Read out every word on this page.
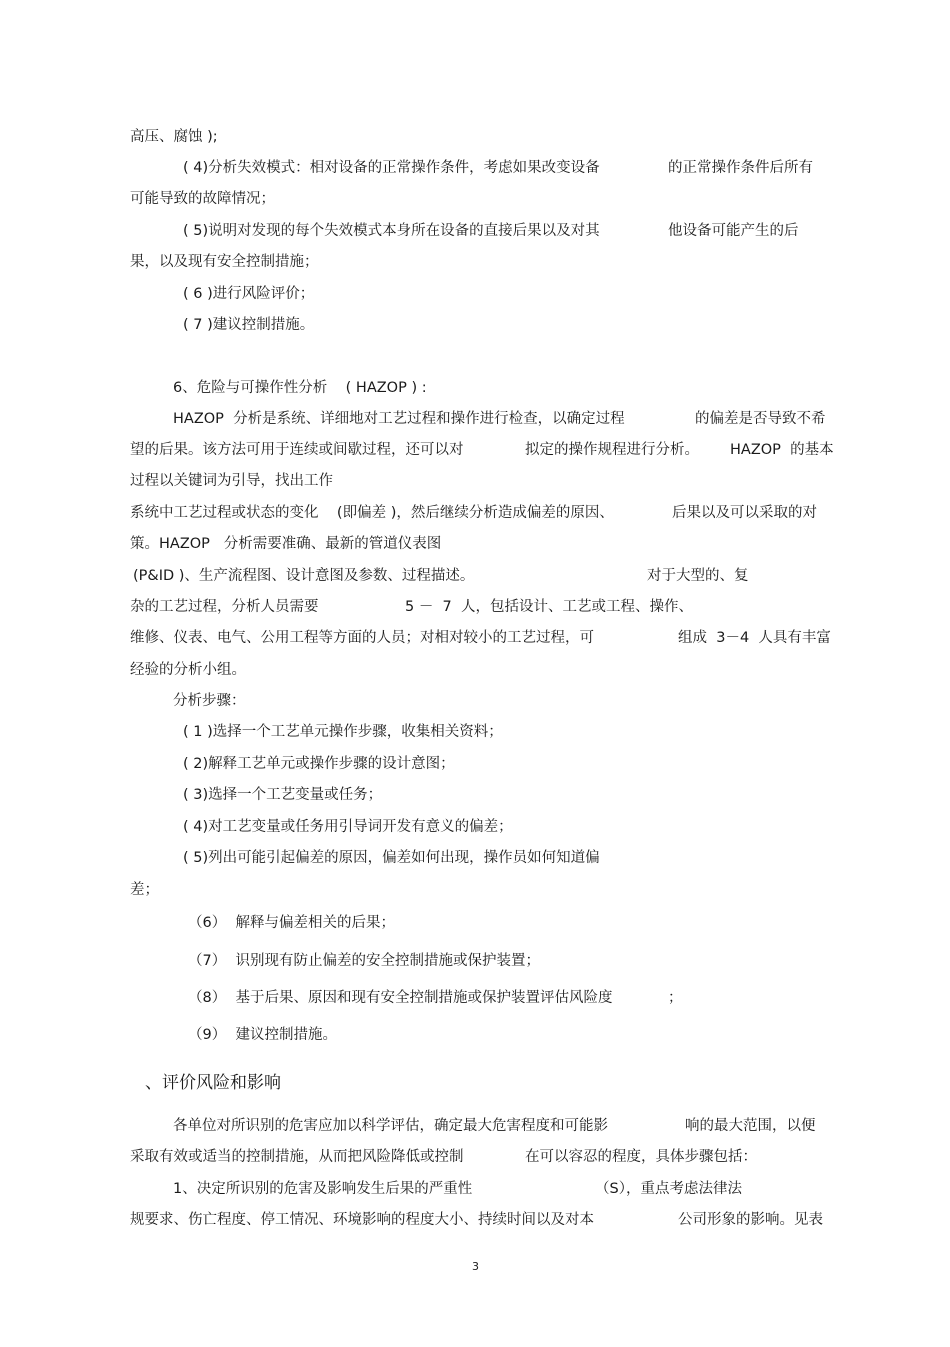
高压、腐蚀 );
( 4)分析失效模式：相对设备的正常操作条件，考虑如果改变设备	的正常操作条件后所有
可能导致的故障情况；
( 5)说明对发现的每个失效模式本身所在设备的直接后果以及对其	他设备可能产生的后
果，以及现有安全控制措施；
( 6 )进行风险评价；
( 7 )建议控制措施。
6、危险与可操作性分析    ( HAZOP ) :
HAZOP  分析是系统、详细地对工艺过程和操作进行检查，以确定过程	的偏差是否导致不希
望的后果。该方法可用于连续或间歇过程，还可以对	拟定的操作规程进行分析。 HAZOP  的基本
过程以关键词为引导，找出工作
系统中工艺过程或状态的变化    (即偏差 )，然后继续分析造成偏差的原因、	后果以及可以采取的对
策。HAZOP   分析需要准确、最新的管道仪表图
(P&ID )、生产流程图、设计意图及参数、过程描述。	对于大型的、复
杂的工艺过程，分析人员需要	5 －  7  人，包括设计、工艺或工程、操作、
维修、仪表、电气、公用工程等方面的人员；对相对较小的工艺过程，可	组成  3－4  人具有丰富
经验的分析小组。
分析步骤：
( 1 )选择一个工艺单元操作步骤，收集相关资料；
( 2)解释工艺单元或操作步骤的设计意图；
( 3)选择一个工艺变量或任务；
( 4)对工艺变量或任务用引导词开发有意义的偏差；
( 5)列出可能引起偏差的原因，偏差如何出现，操作员如何知道偏
差；
（6）  解释与偏差相关的后果；
（7）  识别现有防止偏差的安全控制措施或保护装置；
（8）  基于后果、原因和现有安全控制措施或保护装置评估风险度	；
（9）  建议控制措施。
、评价风险和影响
各单位对所识别的危害应加以科学评估，确定最大危害程度和可能影	响的最大范围，以便
采取有效或适当的控制措施，从而把风险降低或控制	在可以容忍的程度，具体步骤包括：
1、决定所识别的危害及影响发生后果的严重性	（S），重点考虑法律法
规要求、伤亡程度、停工情况、环境影响的程度大小、持续时间以及对本	公司形象的影响。见表
3
